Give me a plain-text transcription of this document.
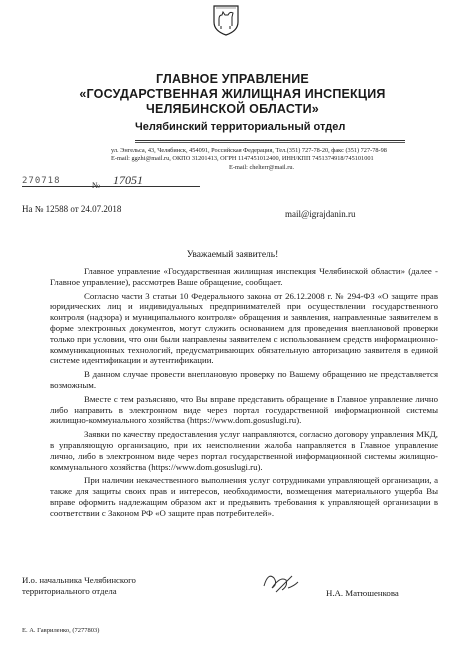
ГЛАВНОЕ УПРАВЛЕНИЕ
«ГОСУДАРСТВЕННАЯ ЖИЛИЩНАЯ ИНСПЕКЦИЯ
ЧЕЛЯБИНСКОЙ ОБЛАСТИ»
Челябинский территориальный отдел
ул. Энгельса, 43, Челябинск, 454091, Российская Федерация, Тел.(351) 727-78-20, факс (351) 727-78-98
E-mail: ggzhi@mail.ru, ОКПО 31201413, ОГРН 1147451012400, ИНН/КПП 7451374918/745101001
E-mail: chelterr@mail.ru.
270718	№ 17051
На № 12588 от 24.07.2018	mail@igrajdanin.ru
Уважаемый заявитель!

Главное управление «Государственная жилищная инспекция Челябинской области» (далее - Главное управление), рассмотрев Ваше обращение, сообщает.

Согласно части 3 статьи 10 Федерального закона от 26.12.2008 г. № 294-ФЗ «О защите прав юридических лиц и индивидуальных предпринимателей при осуществлении государственного контроля (надзора) и муниципального контроля» обращения и заявления, направленные заявителем в форме электронных документов, могут служить основанием для проведения внеплановой проверки только при условии, что они были направлены заявителем с использованием средств информационно-коммуникационных технологий, предусматривающих обязательную авторизацию заявителя в единой системе идентификации и аутентификации.

В данном случае провести внеплановую проверку по Вашему обращению не представляется возможным.

Вместе с тем разъясняю, что Вы вправе представить обращение в Главное управление лично либо направить в электронном виде через портал государственной информационной системы жилищно-коммунального хозяйства (https://www.dom.gosuslugi.ru).

Заявки по качеству предоставления услуг направляются, согласно договору управления МКД, в управляющую организацию, при их неисполнении жалоба направляется в Главное управление лично, либо в электронном виде через портал государственной информационной системы жилищно-коммунального хозяйства (https://www.dom.gosuslugi.ru).

При наличии некачественного выполнения услуг сотрудниками управляющей организации, а также для защиты своих прав и интересов, необходимости, возмещения материального ущерба Вы вправе оформить надлежащим образом акт и предъявить требования к управляющей организации в соответствии с Законом РФ «О защите прав потребителей».

И.о. начальника Челябинского
территориального отдела	Н.А. Матюшенкова
Е. А. Гавриленко, (7277803)
